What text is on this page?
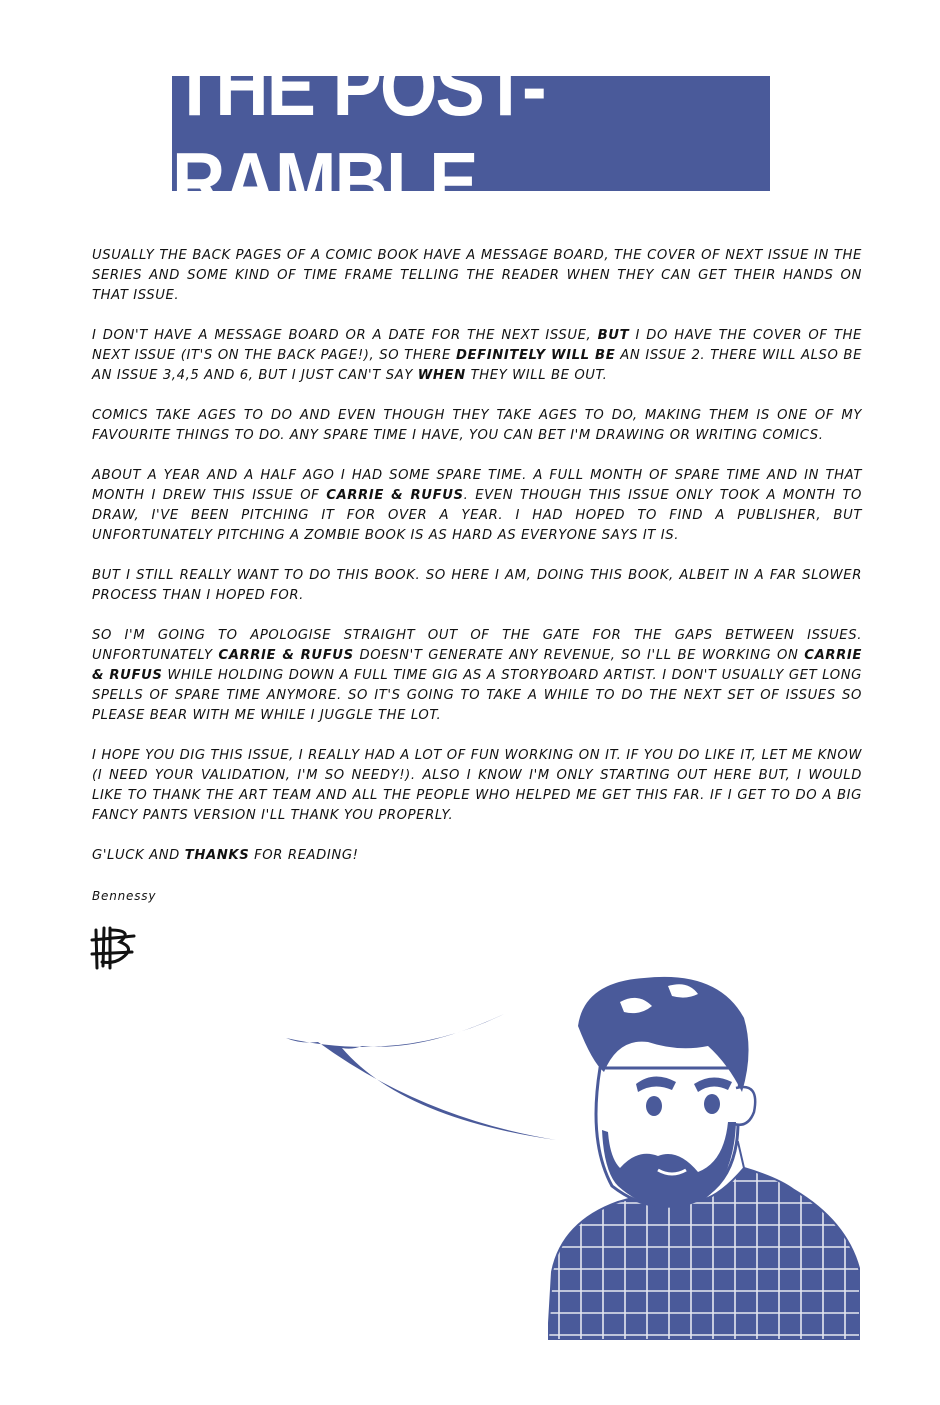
THE POST-RAMBLE

USUALLY THE BACK PAGES OF A COMIC BOOK HAVE A MESSAGE BOARD, THE COVER OF NEXT ISSUE IN THE SERIES AND SOME KIND OF TIME FRAME TELLING THE READER WHEN THEY CAN GET THEIR HANDS ON THAT ISSUE.

I DON'T HAVE A MESSAGE BOARD OR A DATE FOR THE NEXT ISSUE, BUT I DO HAVE THE COVER OF THE NEXT ISSUE (IT'S ON THE BACK PAGE!), SO THERE DEFINITELY WILL BE AN ISSUE 2. THERE WILL ALSO BE AN ISSUE 3,4,5 AND 6, BUT I JUST CAN'T SAY WHEN THEY WILL BE OUT.

COMICS TAKE AGES TO DO AND EVEN THOUGH THEY TAKE AGES TO DO, MAKING THEM IS ONE OF MY FAVOURITE THINGS TO DO. ANY SPARE TIME I HAVE, YOU CAN BET I'M DRAWING OR WRITING COMICS.

ABOUT A YEAR AND A HALF AGO I HAD SOME SPARE TIME. A FULL MONTH OF SPARE TIME AND IN THAT MONTH I DREW THIS ISSUE OF CARRIE & RUFUS. EVEN THOUGH THIS ISSUE ONLY TOOK A MONTH TO DRAW, I'VE BEEN PITCHING IT FOR OVER A YEAR. I HAD HOPED TO FIND A PUBLISHER, BUT UNFORTUNATELY PITCHING A ZOMBIE BOOK IS AS HARD AS EVERYONE SAYS IT IS.

BUT I STILL REALLY WANT TO DO THIS BOOK. SO HERE I AM, DOING THIS BOOK, ALBEIT IN A FAR SLOWER PROCESS THAN I HOPED FOR.

SO I'M GOING TO APOLOGISE STRAIGHT OUT OF THE GATE FOR THE GAPS BETWEEN ISSUES. UNFORTUNATELY CARRIE & RUFUS DOESN'T GENERATE ANY REVENUE, SO I'LL BE WORKING ON CARRIE & RUFUS WHILE HOLDING DOWN A FULL TIME GIG AS A STORYBOARD ARTIST. I DON'T USUALLY GET LONG SPELLS OF SPARE TIME ANYMORE. SO IT'S GOING TO TAKE A WHILE TO DO THE NEXT SET OF ISSUES SO PLEASE BEAR WITH ME WHILE I JUGGLE THE LOT.

I HOPE YOU DIG THIS ISSUE, I REALLY HAD A LOT OF FUN WORKING ON IT. IF YOU DO LIKE IT, LET ME KNOW (I NEED YOUR VALIDATION, I'M SO NEEDY!). ALSO I KNOW I'M ONLY STARTING OUT HERE BUT, I WOULD LIKE TO THANK THE ART TEAM AND ALL THE PEOPLE WHO HELPED ME GET THIS FAR. IF I GET TO DO A BIG FANCY PANTS VERSION I'LL THANK YOU PROPERLY.

G'LUCK AND THANKS FOR READING!

Bennessy
